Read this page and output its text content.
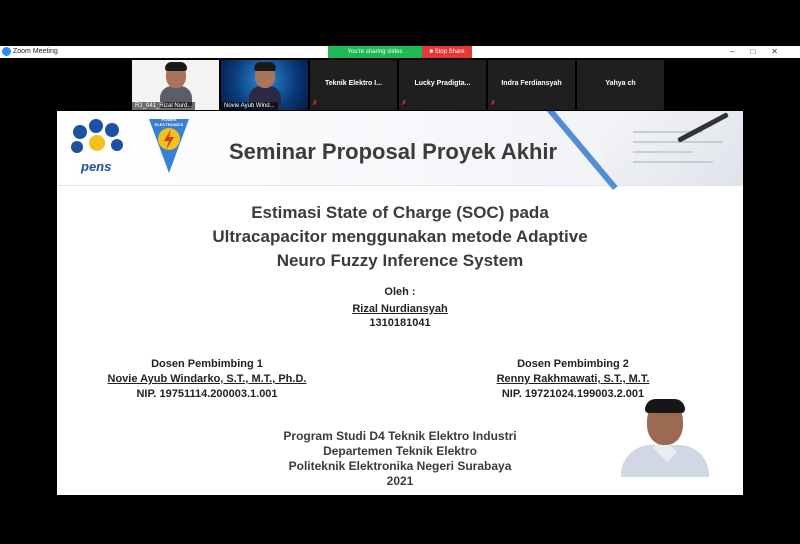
Zoom Meeting	You're sharing slides	■ Stop Share	–□✕
R1_041_Rizal Nurd...	Novie Ayub Wind...
Teknik Elektro I...
✗
Lucky Pradigta...
✗
Indra Ferdiansyah
✗
Yahya ch
pens
POWER ELECTRONICS
Seminar Proposal Proyek Akhir
Estimasi State of Charge (SOC) pada
Ultracapacitor menggunakan metode Adaptive
Neuro Fuzzy Inference System
Oleh :
Rizal Nurdiansyah
1310181041
Dosen Pembimbing 1
Novie Ayub Windarko, S.T., M.T., Ph.D.
NIP. 19751114.200003.1.001
Dosen Pembimbing 2
Renny Rakhmawati, S.T., M.T.
NIP. 19721024.199003.2.001
Program Studi D4 Teknik Elektro Industri
Departemen Teknik Elektro
Politeknik Elektronika Negeri Surabaya
2021
